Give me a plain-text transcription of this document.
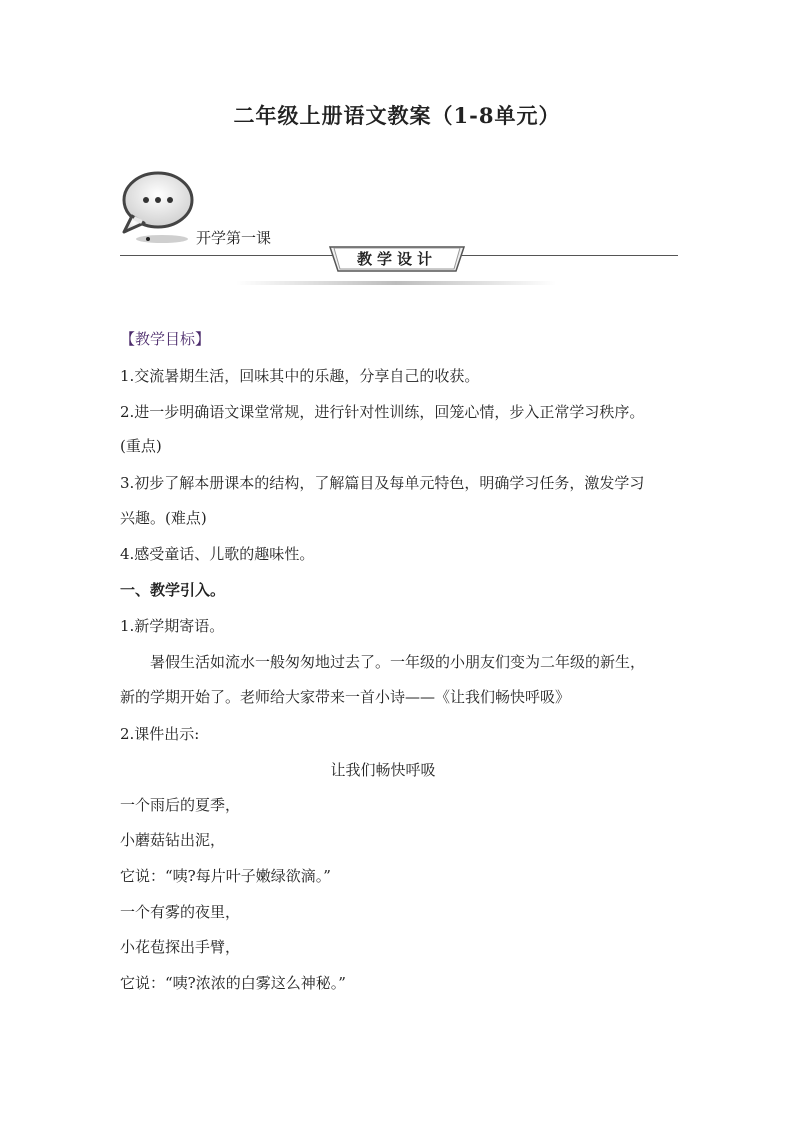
二年级上册语文教案（1-8单元）
开学第一课
教学设计
【教学目标】
1.交流暑期生活，回味其中的乐趣，分享自己的收获。
2.进一步明确语文课堂常规，进行针对性训练，回笼心情，步入正常学习秩序。
(重点)
3.初步了解本册课本的结构，了解篇目及每单元特色，明确学习任务，激发学习
兴趣。(难点)
4.感受童话、儿歌的趣味性。
一、教学引入。
1.新学期寄语。
暑假生活如流水一般匆匆地过去了。一年级的小朋友们变为二年级的新生，
新的学期开始了。老师给大家带来一首小诗——《让我们畅快呼吸》
2.课件出示:
让我们畅快呼吸
一个雨后的夏季，
小蘑菇钻出泥，
它说：“咦?每片叶子嫩绿欲滴。”
一个有雾的夜里，
小花苞探出手臂，
它说：“咦?浓浓的白雾这么神秘。”
